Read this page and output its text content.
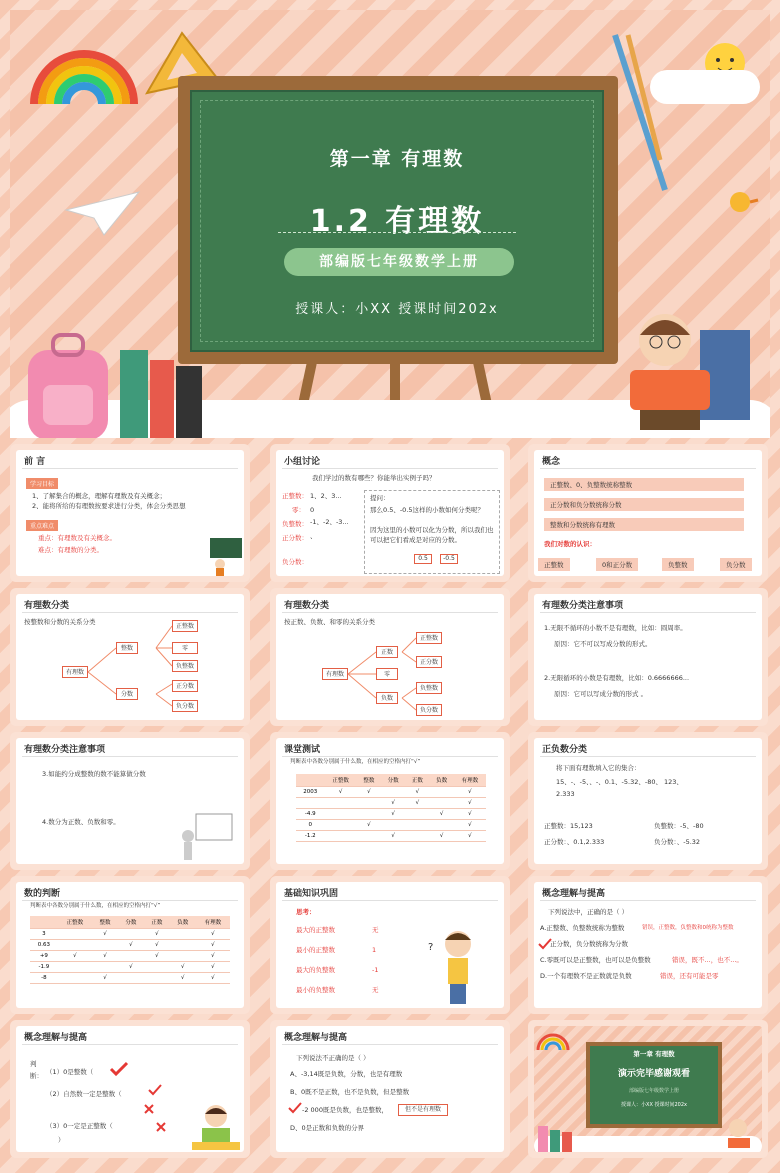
第一章 有理数
1.2 有理数
部编版七年级数学上册
授课人：小XX 授课时间202x
前 言
学习目标
1、了解集合的概念，理解有理数及有关概念；
2、能将所给的有理数按要求进行分类，体会分类思想
重点难点
重点：有理数及有关概念。
难点：有理数的分类。
小组讨论
我们学过的数有哪些？你能举出实例子吗？
正整数： 1、2、3...
零： 0
负整数： -1、-2、-3...
正分数： 、
负分数：
提问：
那么0.5、-0.5这样的小数如何分类呢？
因为这里的小数可以化为分数，所以我们也可以把它们看成是对应的分数。
0.5	-0.5
概念
正整数、0、负整数统称整数
正分数和负分数统称分数
整数和分数统称有理数
我们对数的认识：
正整数	0和正分数	负整数	负分数
有理数分类
按整数和分数的关系分类
有理数
整数
分数
正整数
零
负整数
正分数
负分数
有理数分类
按正数、负数、和零的关系分类
有理数
正数
零
负数
正整数
正分数
负整数
负分数
有理数分类注意事项
1.无限不循环的小数不是有理数，比如：圆周率。
原因：它不可以写成分数的形式。
2.无限循环的小数是有理数，比如：0.6666666...
原因：它可以写成分数的形式 。
有理数分类注意事项
3.如能约分成整数的数不能算做分数
4.数分为正数、负数和零。
课堂测试
判断表中各数分别属于什么数，在相应的空格内打“√”
	正整数	整数	分数	正数	负数	有理数
2003	√	√		√		√
			√	√		√
-4.9			√		√	√
0		√				√
-1.2			√		√	√
正负数分类
将下面有理数填入它的集合：
15、-、-5、、-、0.1、-5.32、-80、 123、
2.333
正整数：15,123	负整数：-5、-80
正分数：、0.1,2.333	负分数：、-5.32
数的判断
判断表中各数分别属于什么数，在相应的空格内打“√”
	正整数	整数	分数	正数	负数	有理数
3		√		√		√
0.63			√	√		√
+9	√	√		√		√
-1.9			√		√	√
-8		√			√	√
基础知识巩固
思考：
最大的正整数	无
最小的正整数	1
最大的负整数	-1
最小的负整数	无
?
概念理解与提高
下列说法中，正确的是（ ）
A.正整数、负整数统称为整数	错误，正整数，负整数和0统称为整数
正分数，负分数统称为分数
C.零既可以是正整数，也可以是负整数	错误，既不...，也不...。
D.一个有理数不是正数就是负数	错误，还有可能是零
概念理解与提高
判
断： （1）0是整数（
（2）自然数一定是整数（
（3）0一定是正整数（
）
概念理解与提高
下列说法不正确的是（ ）
A、-3,14既是负数，分数，也是有理数
B、0既不是正数，也不是负数，但是整数
-2 000既是负数，也是整数，	但不是有理数
D、0是正数和负数的分界
第一章 有理数
演示完毕感谢观看
部编版七年级数学上册
授课人：小XX 授课时间202x
